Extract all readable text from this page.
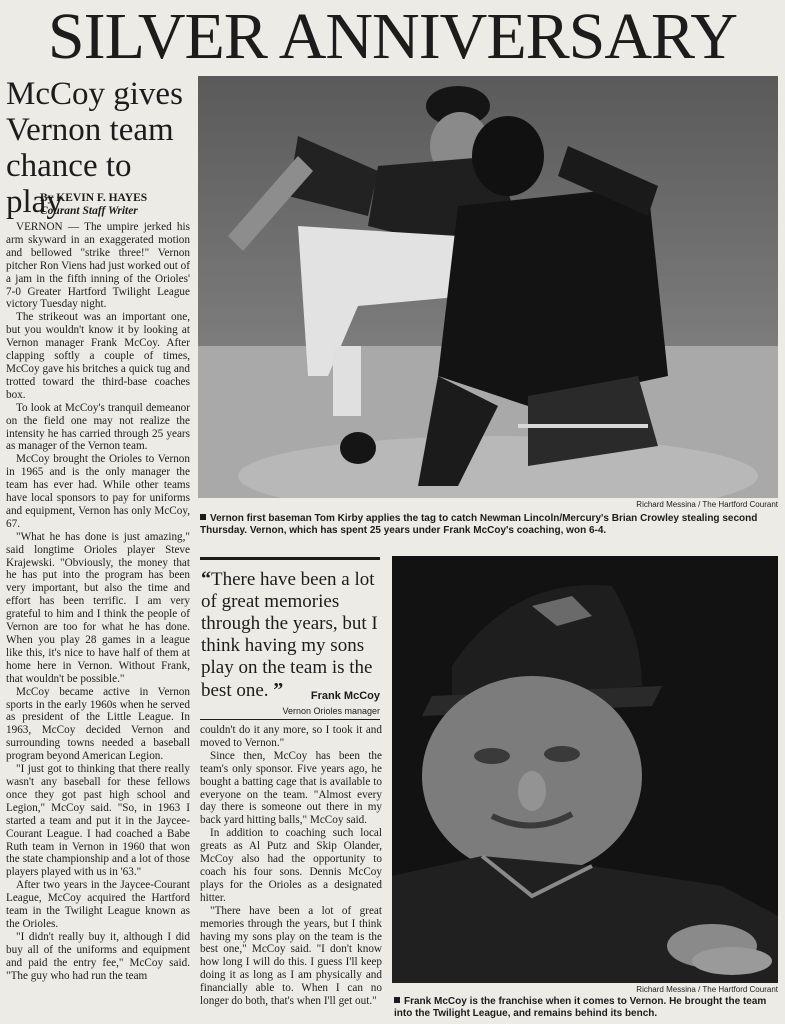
SILVER ANNIVERSARY
McCoy gives Vernon team chance to play
By KEVIN F. HAYES
Courant Staff Writer

VERNON — The umpire jerked his arm skyward in an exaggerated motion and bellowed "strike three!" Vernon pitcher Ron Viens had just worked out of a jam in the fifth inning of the Orioles' 7-0 Greater Hartford Twilight League victory Tuesday night.

The strikeout was an important one, but you wouldn't know it by looking at Vernon manager Frank McCoy. After clapping softly a couple of times, McCoy gave his britches a quick tug and trotted toward the third-base coaches box.

To look at McCoy's tranquil demeanor on the field one may not realize the intensity he has carried through 25 years as manager of the Vernon team.

McCoy brought the Orioles to Vernon in 1965 and is the only manager the team has ever had. While other teams have local sponsors to pay for uniforms and equipment, Vernon has only McCoy, 67.

"What he has done is just amazing," said longtime Orioles player Steve Krajewski. "Obviously, the money that he has put into the program has been very important, but also the time and effort has been terrific. I am very grateful to him and I think the people of Vernon are too for what he has done. When you play 28 games in a league like this, it's nice to have half of them at home here in Vernon. Without Frank, that wouldn't be possible."

McCoy became active in Vernon sports in the early 1960s when he served as president of the Little League. In 1963, McCoy decided Vernon and surrounding towns needed a baseball program beyond American Legion.

"I just got to thinking that there really wasn't any baseball for these fellows once they got past high school and Legion," McCoy said. "So, in 1963 I started a team and put it in the Jaycee-Courant League. I had coached a Babe Ruth team in Vernon in 1960 that won the state championship and a lot of those players played with us in '63."

After two years in the Jaycee-Courant League, McCoy acquired the Hartford team in the Twilight League known as the Orioles.

"I didn't really buy it, although I did buy all of the uniforms and equipment and paid the entry fee," McCoy said. "The guy who had run the team

Richard Messina / The Hartford Courant
Vernon first baseman Tom Kirby applies the tag to catch Newman Lincoln/Mercury's Brian Crowley stealing second Thursday. Vernon, which has spent 25 years under Frank McCoy's coaching, won 6-4.
“There have been a lot of great memories through the years, but I think having my sons play on the team is the best one. ”	Frank McCoy
Vernon Orioles manager

couldn't do it any more, so I took it and moved to Vernon."

Since then, McCoy has been the team's only sponsor. Five years ago, he bought a batting cage that is available to everyone on the team. "Almost every day there is someone out there in my back yard hitting balls," McCoy said.

In addition to coaching such local greats as Al Putz and Skip Olander, McCoy also had the opportunity to coach his four sons. Dennis McCoy plays for the Orioles as a designated hitter.

"There have been a lot of great memories through the years, but I think having my sons play on the team is the best one," McCoy said. "I don't know how long I will do this. I guess I'll keep doing it as long as I am physically and financially able to. When I can no longer do both, that's when I'll get out."

Richard Messina / The Hartford Courant
Frank McCoy is the franchise when it comes to Vernon. He brought the team into the Twilight League, and remains behind its bench.
